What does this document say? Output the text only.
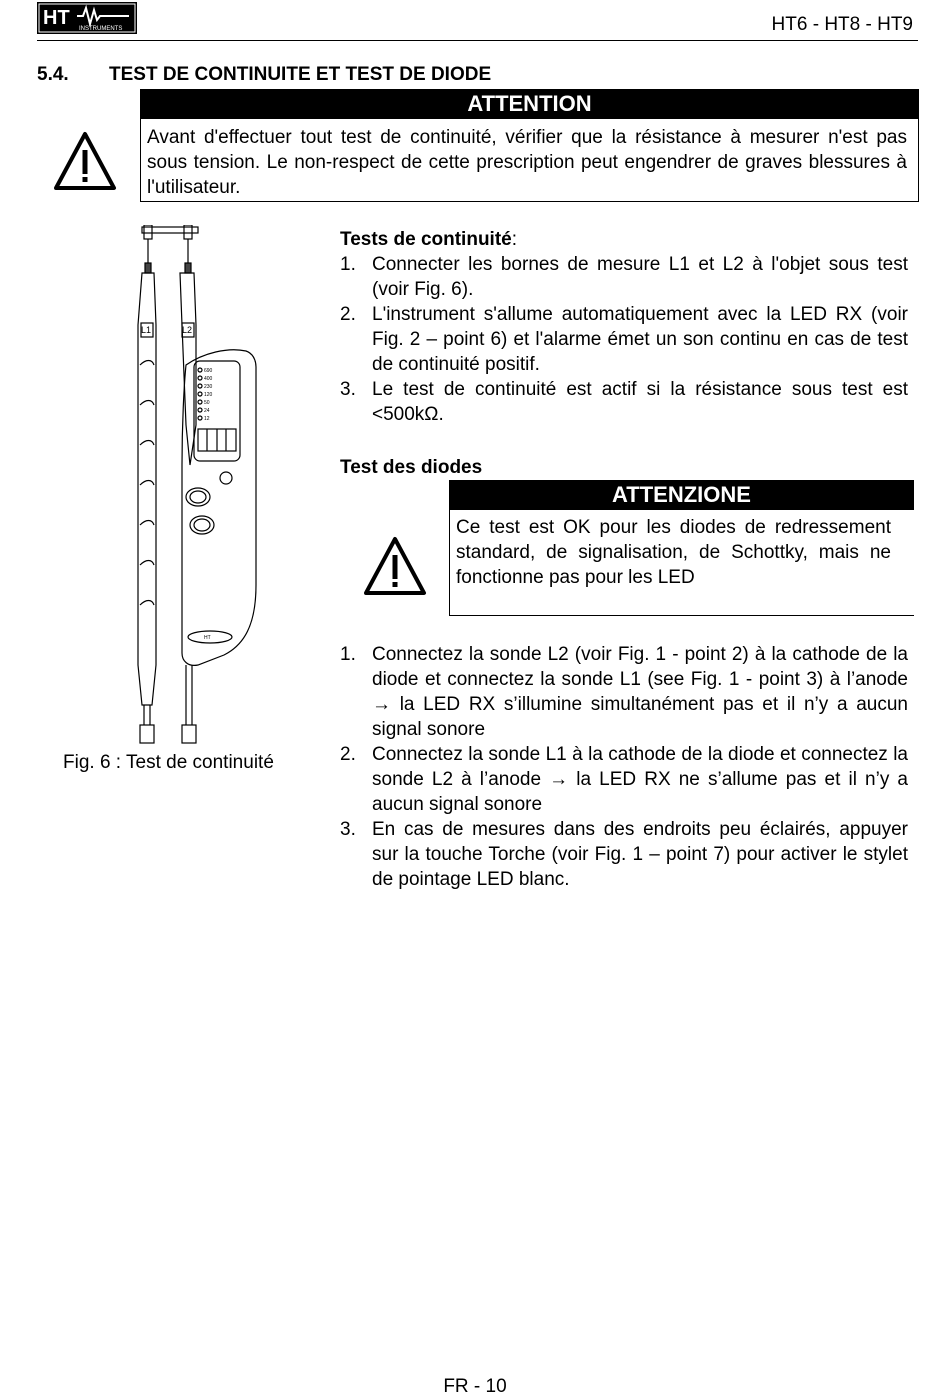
HT INSTRUMENTS	HT6 - HT8 - HT9
5.4. TEST DE CONTINUITE ET TEST DE DIODE
ATTENTION
Avant d'effectuer tout test de continuité, vérifier que la résistance à mesurer n'est pas sous tension. Le non-respect de cette prescription peut engendrer de graves blessures à l'utilisateur.
L1	L2
690
400
230
120
50
24
12
HT
Fig. 6 : Test de continuité
Tests de continuité:
1. Connecter les bornes de mesure L1 et L2 à l'objet sous test (voir Fig. 6).
2. L'instrument s'allume automatiquement avec la LED RX (voir Fig. 2 – point 6) et l'alarme émet un son continu en cas de test de continuité positif.
3. Le test de continuité est actif si la résistance sous test est <500kΩ.
Test des diodes
ATTENZIONE
Ce test est OK pour les diodes de redressement standard, de signalisation, de Schottky, mais ne fonctionne pas pour les LED
1. Connectez la sonde L2 (voir Fig. 1 - point 2) à la cathode de la diode et connectez la sonde L1 (see Fig. 1 - point 3) à l’anode → la LED RX s’illumine simultanément pas et il n’y a aucun signal sonore
2. Connectez la sonde L1 à la cathode de la diode et connectez la sonde L2 à l’anode → la LED RX ne s’allume pas et il n’y a aucun signal sonore
3. En cas de mesures dans des endroits peu éclairés, appuyer sur la touche Torche (voir Fig. 1 – point 7) pour activer le stylet de pointage LED blanc.
FR - 10
